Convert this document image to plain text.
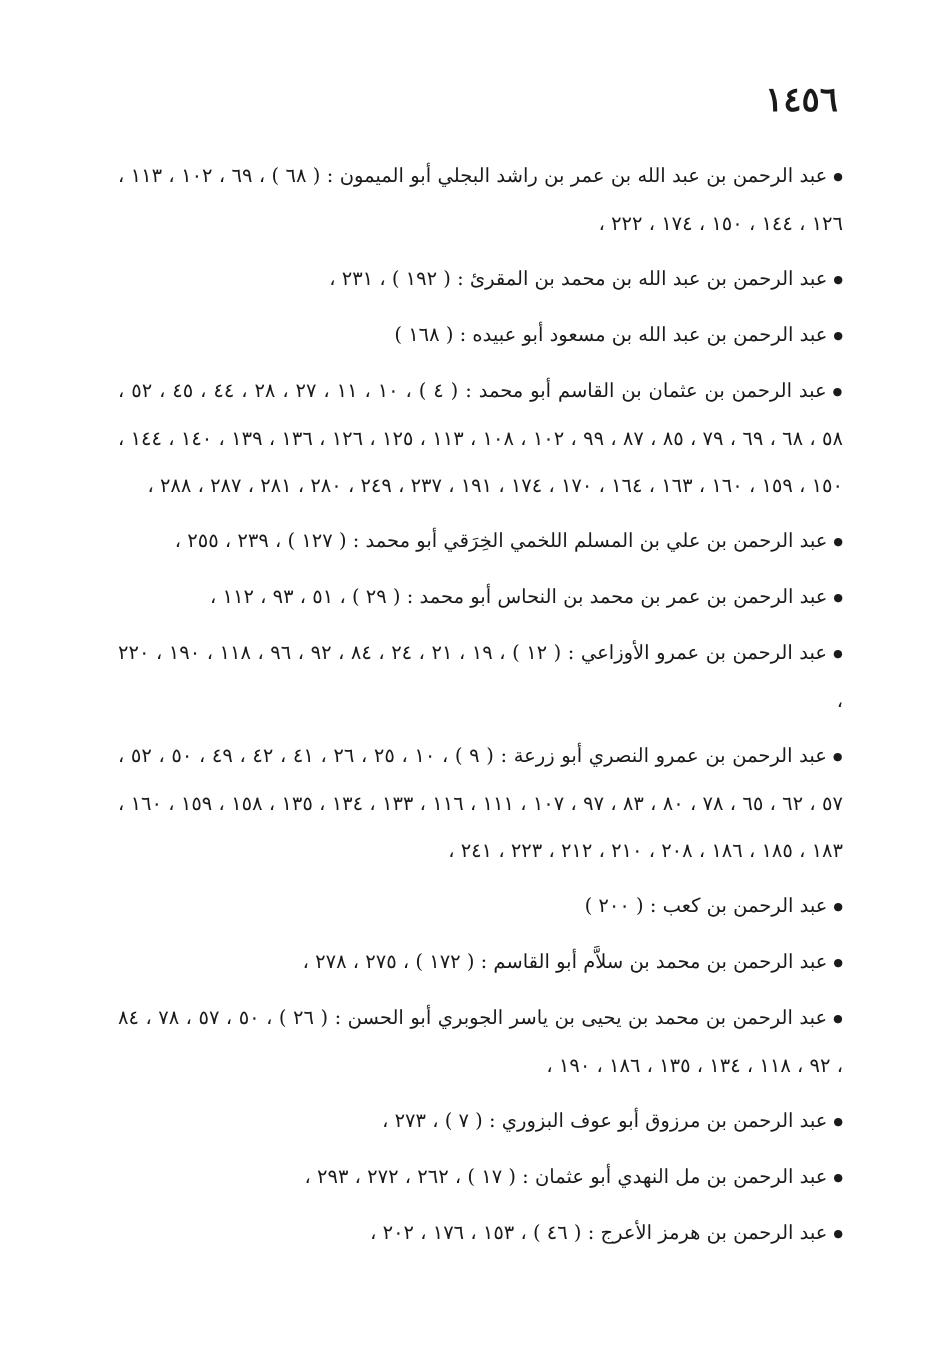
١٤٥٦
●عبد الرحمن بن عبد الله بن عمر بن راشد البجلي أبو الميمون : ( ٦٨ ) ، ٦٩ ، ١٠٢ ، ١١٣ ، ١٢٦ ، ١٤٤ ، ١٥٠ ، ١٧٤ ، ٢٢٢ ،
●عبد الرحمن بن عبد الله بن محمد بن المقرئ : ( ١٩٢ ) ، ٢٣١ ،
●عبد الرحمن بن عبد الله بن مسعود أبو عبيده : ( ١٦٨ )
●عبد الرحمن بن عثمان بن القاسم أبو محمد : ( ٤ ) ، ١٠ ، ١١ ، ٢٧ ، ٢٨ ، ٤٤ ، ٤٥ ، ٥٢ ، ٥٨ ، ٦٨ ، ٦٩ ، ٧٩ ، ٨٥ ، ٨٧ ، ٩٩ ، ١٠٢ ، ١٠٨ ، ١١٣ ، ١٢٥ ، ١٢٦ ، ١٣٦ ، ١٣٩ ، ١٤٠ ، ١٤٤ ، ١٥٠ ، ١٥٩ ، ١٦٠ ، ١٦٣ ، ١٦٤ ، ١٧٠ ، ١٧٤ ، ١٩١ ، ٢٣٧ ، ٢٤٩ ، ٢٨٠ ، ٢٨١ ، ٢٨٧ ، ٢٨٨ ،
●عبد الرحمن بن علي بن المسلم اللخمي الخِرَقي أبو محمد : ( ١٢٧ ) ، ٢٣٩ ، ٢٥٥ ،
●عبد الرحمن بن عمر بن محمد بن النحاس أبو محمد : ( ٢٩ ) ، ٥١ ، ٩٣ ، ١١٢ ،
●عبد الرحمن بن عمرو الأوزاعي : ( ١٢ ) ، ١٩ ، ٢١ ، ٢٤ ، ٨٤ ، ٩٢ ، ٩٦ ، ١١٨ ، ١٩٠ ، ٢٢٠ ،
●عبد الرحمن بن عمرو النصري أبو زرعة : ( ٩ ) ، ١٠ ، ٢٥ ، ٢٦ ، ٤١ ، ٤٢ ، ٤٩ ، ٥٠ ، ٥٢ ، ٥٧ ، ٦٢ ، ٦٥ ، ٧٨ ، ٨٠ ، ٨٣ ، ٩٧ ، ١٠٧ ، ١١١ ، ١١٦ ، ١٣٣ ، ١٣٤ ، ١٣٥ ، ١٥٨ ، ١٥٩ ، ١٦٠ ، ١٨٣ ، ١٨٥ ، ١٨٦ ، ٢٠٨ ، ٢١٠ ، ٢١٢ ، ٢٢٣ ، ٢٤١ ،
●عبد الرحمن بن كعب : ( ٢٠٠ )
●عبد الرحمن بن محمد بن سلاَّم أبو القاسم : ( ١٧٢ ) ، ٢٧٥ ، ٢٧٨ ،
●عبد الرحمن بن محمد بن يحيى بن ياسر الجوبري أبو الحسن : ( ٢٦ ) ، ٥٠ ، ٥٧ ، ٧٨ ، ٨٤ ، ٩٢ ، ١١٨ ، ١٣٤ ، ١٣٥ ، ١٨٦ ، ١٩٠ ،
●عبد الرحمن بن مرزوق أبو عوف البزوري : ( ٧ ) ، ٢٧٣ ،
●عبد الرحمن بن مل النهدي أبو عثمان : ( ١٧ ) ، ٢٦٢ ، ٢٧٢ ، ٢٩٣ ،
●عبد الرحمن بن هرمز الأعرج : ( ٤٦ ) ، ١٥٣ ، ١٧٦ ، ٢٠٢ ،
